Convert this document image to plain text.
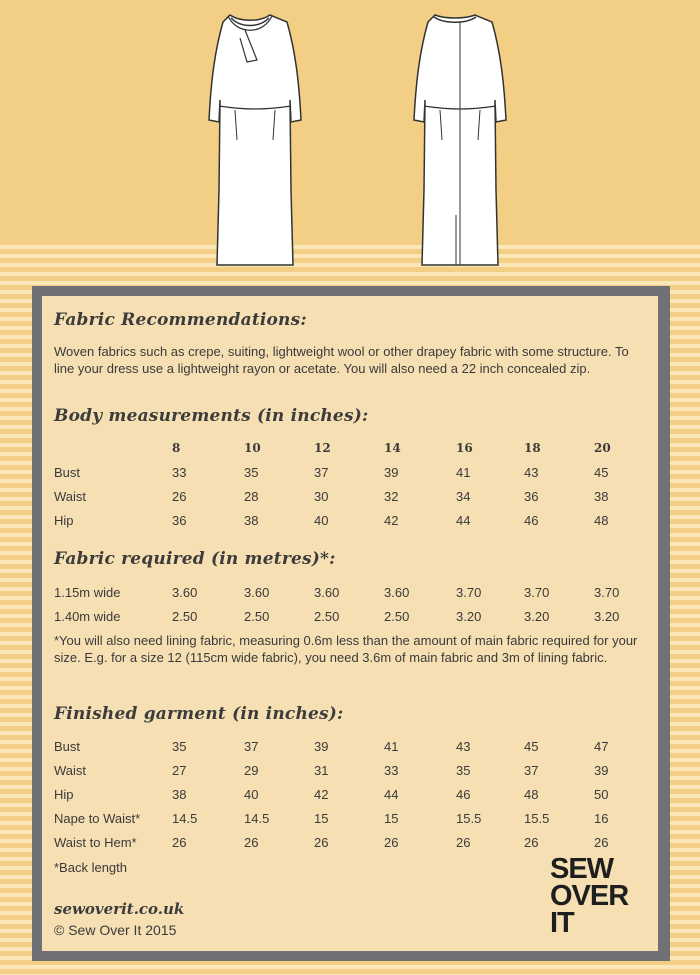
Fabric Recommendations:
Woven fabrics such as crepe, suiting, lightweight wool or other drapey fabric with some structure. To line your dress use a lightweight rayon or acetate. You will also need a 22 inch concealed zip.
Body measurements (in inches):
	8	10	12	14	16	18	20
Bust	33	35	37	39	41	43	45
Waist	26	28	30	32	34	36	38
Hip	36	38	40	42	44	46	48
Fabric required (in metres)*:
1.15m wide	3.60	3.60	3.60	3.60	3.70	3.70	3.70
1.40m wide	2.50	2.50	2.50	2.50	3.20	3.20	3.20
*You will also need lining fabric, measuring 0.6m less than the amount of main fabric required for your size. E.g. for a size 12 (115cm wide fabric), you need 3.6m of main fabric and 3m of lining fabric.
Finished garment (in inches):
Bust	35	37	39	41	43	45	47
Waist	27	29	31	33	35	37	39
Hip	38	40	42	44	46	48	50
Nape to Waist*	14.5	14.5	15	15	15.5	15.5	16
Waist to Hem*	26	26	26	26	26	26	26
*Back length
sewoverit.co.uk
© Sew Over It 2015
SEW
OVER
IT
